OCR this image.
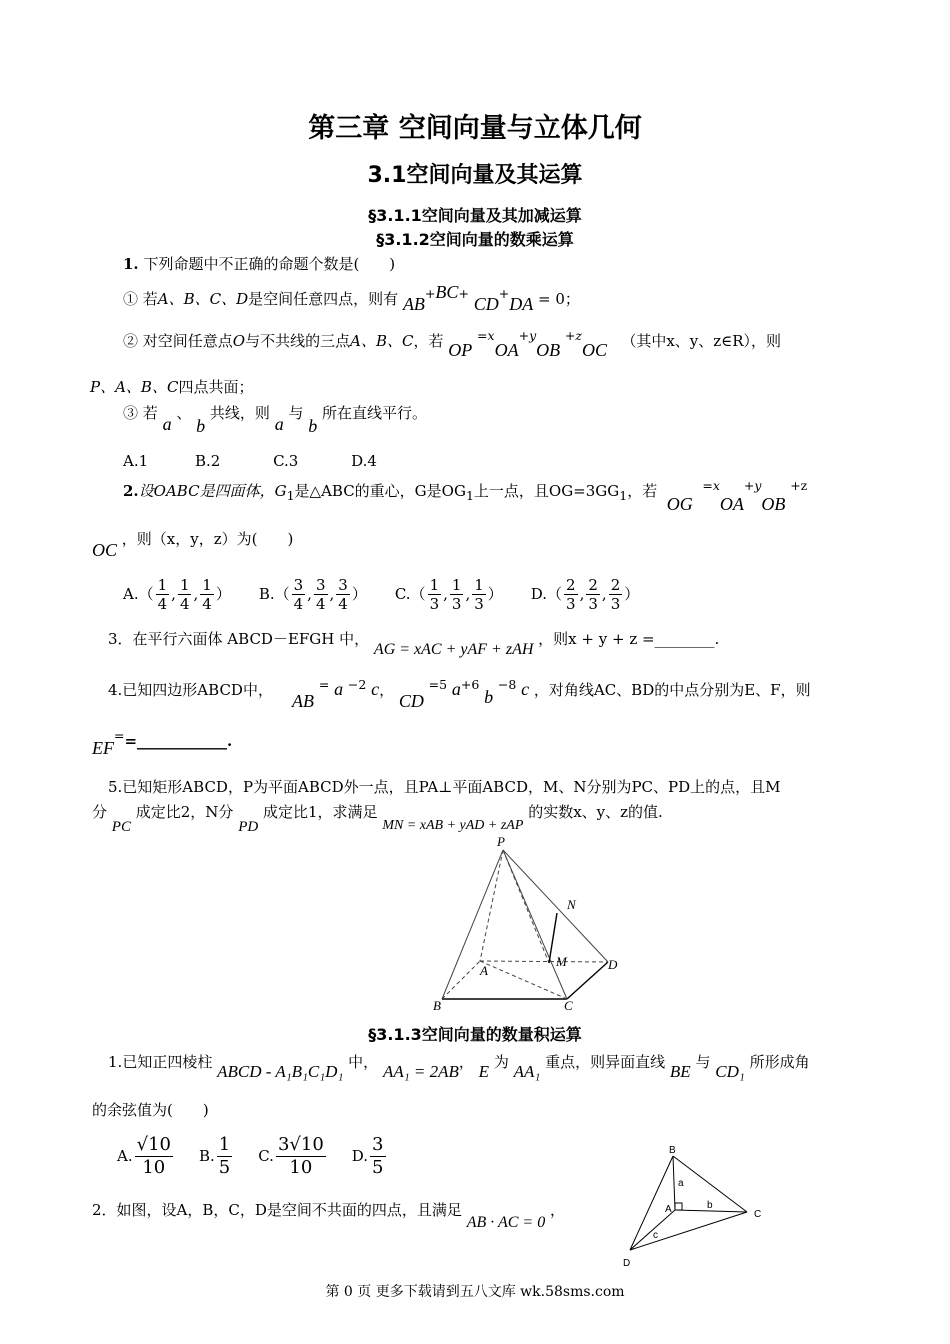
第三章 空间向量与立体几何
3.1空间向量及其运算
§3.1.1空间向量及其加减运算
§3.1.2空间向量的数乘运算
1. 下列命题中不正确的命题个数是(　　)
① 若A、B、C、D是空间任意四点，则有 AB+BC+ CD+DA = 0；
② 对空间任意点O与不共线的三点A、B、C，若 OP $^{=x}OA^{+y}OB$ $^{+z}$OC （其中x、y、z∈R），则
P、A、B、C四点共面；
③ 若 a 、 b 共线，则 a 与 b 所在直线平行。
A.1	B.2	C.3	D.4
2.设OABC是四面体，$G_1$是△ABC的重心，G是$OG_1$上一点，且$OG=3GG_1$，若  OG  $^{=x}OA^{+y}OB$ $^{+z}$
OC ，则（x，y，z）为(　　)
$A.( \frac{1}{4}$ , $\frac{1}{4}$ , $\frac{1}{4}$ ） $B.( \frac{3}{4}$ , $\frac{3}{4}$ , $\frac{3}{4}$ ） $C.( \frac{1}{3}$ , $\frac{1}{3}$ , $\frac{1}{3}$ ） $D.( \frac{2}{3}$ , $\frac{2}{3}$ , $\frac{2}{3}$ ）
3．在平行六面体 ABCD－EFGH 中， AG = xAC + yAF + zAH ，则x + y + z =________.
4.已知四边形ABCD中，    AB = a $^{-2}$ c， CD $^{=5}$ $a^{+6}$ b $^{-8}$ c ，对角线AC、BD的中点分别为E、F，则
EF==____________.
5.已知矩形ABCD，P为平面ABCD外一点，且PA⊥平面ABCD，M、N分别为PC、PD上的点，且M
分 PC 成定比2，N分 PD 成定比1，求满足 MN = xAB + yAD + zAP 的实数x、y、z的值.
P
N
M
A	D
B	C
§3.1.3空间向量的数量积运算
1.已知正四棱柱 ABCD - A₁B₁C₁D₁ 中， AA₁ = 2AB， E 为 AA₁ 重点，则异面直线 BE 与 CD₁ 所形成角
的余弦值为(　　)
A. $\frac{√10}{10} B$. $\frac{1}{5} C$. $\frac{3√10}{10} D$. $\frac{3}{5}$
2．如图，设A，B，C，D是空间不共面的四点，且满足 AB · AC = 0 ，
B
a
A	b
C
c
D
第 0 页 更多下载请到五八文库 wk.58sms.com
